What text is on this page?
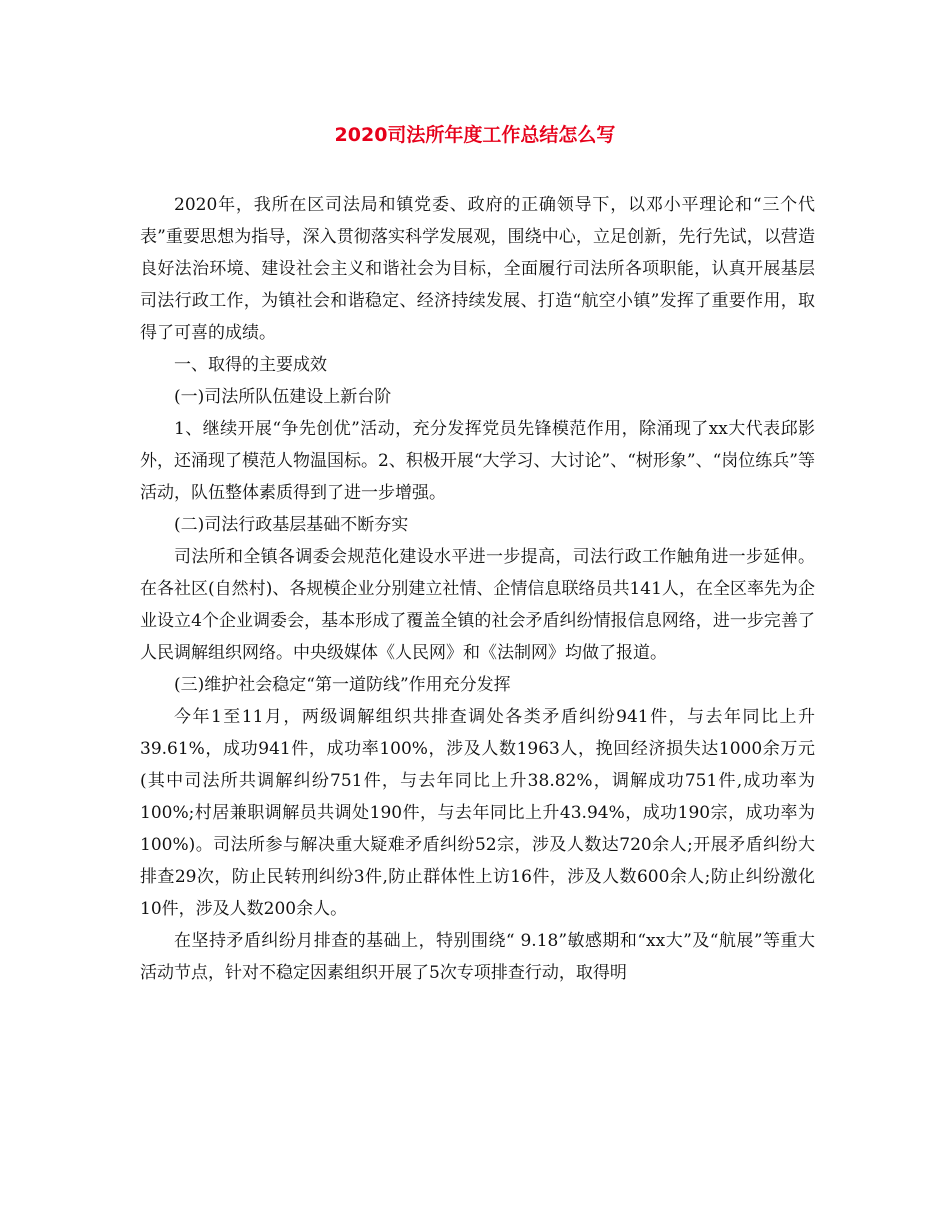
2020司法所年度工作总结怎么写

2020年，我所在区司法局和镇党委、政府的正确领导下，以邓小平理论和“三个代表”重要思想为指导，深入贯彻落实科学发展观，围绕中心，立足创新，先行先试，以营造良好法治环境、建设社会主义和谐社会为目标，全面履行司法所各项职能，认真开展基层司法行政工作，为镇社会和谐稳定、经济持续发展、打造“航空小镇”发挥了重要作用，取得了可喜的成绩。

一、取得的主要成效

(一)司法所队伍建设上新台阶

1、继续开展“争先创优”活动，充分发挥党员先锋模范作用，除涌现了xx大代表邱影外，还涌现了模范人物温国标。2、积极开展“大学习、大讨论”、“树形象”、“岗位练兵”等活动，队伍整体素质得到了进一步增强。

(二)司法行政基层基础不断夯实

司法所和全镇各调委会规范化建设水平进一步提高，司法行政工作触角进一步延伸。在各社区(自然村)、各规模企业分别建立社情、企情信息联络员共141人，在全区率先为企业设立4个企业调委会，基本形成了覆盖全镇的社会矛盾纠纷情报信息网络，进一步完善了人民调解组织网络。中央级媒体《人民网》和《法制网》均做了报道。

(三)维护社会稳定“第一道防线”作用充分发挥

今年1至11月，两级调解组织共排查调处各类矛盾纠纷941件，与去年同比上升39.61%，成功941件，成功率100%，涉及人数1963人，挽回经济损失达1000余万元(其中司法所共调解纠纷751件，与去年同比上升38.82%，调解成功751件,成功率为100%;村居兼职调解员共调处190件，与去年同比上升43.94%，成功190宗，成功率为100%)。司法所参与解决重大疑难矛盾纠纷52宗，涉及人数达720余人;开展矛盾纠纷大排查29次，防止民转刑纠纷3件,防止群体性上访16件，涉及人数600余人;防止纠纷激化10件，涉及人数200余人。

在坚持矛盾纠纷月排查的基础上，特别围绕“ 9.18”敏感期和“xx大”及“航展”等重大活动节点，针对不稳定因素组织开展了5次专项排查行动，取得明
